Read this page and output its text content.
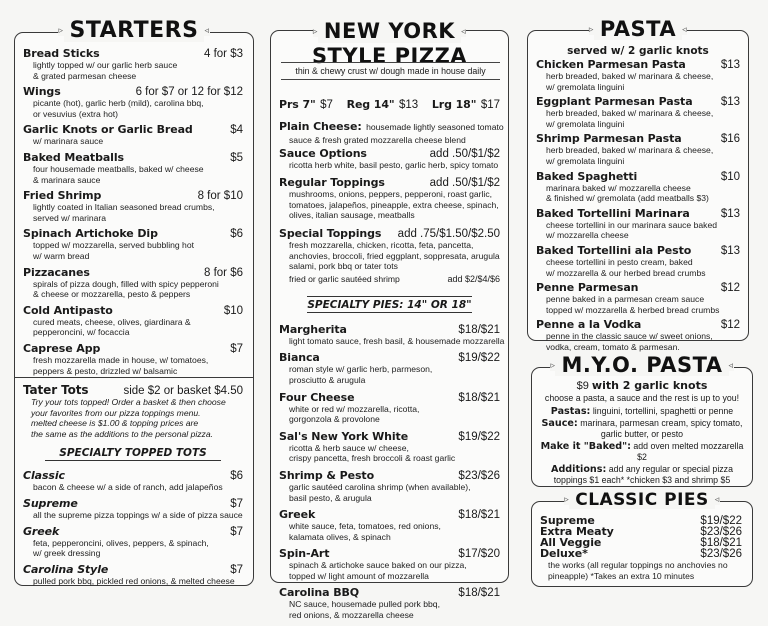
▹ STARTERS ◃
Bread Sticks	4 for $3
lightly topped w/ our garlic herb sauce
& grated parmesan cheese
Wings	6 for $7 or 12 for $12
picante (hot), garlic herb (mild), carolina bbq,
or vesuvius (extra hot)
Garlic Knots or Garlic Bread	$4
w/ marinara sauce
Baked Meatballs	$5
four housemade meatballs, baked w/ cheese
& marinara sauce
Fried Shrimp	8 for $10
lightly coated in Italian seasoned bread crumbs,
served w/ marinara
Spinach Artichoke Dip	$6
topped w/ mozzarella, served bubbling hot
w/ warm bread
Pizzacanes	8 for $6
spirals of pizza dough, filled with spicy pepperoni
& cheese or mozzarella, pesto & peppers
Cold Antipasto	$10
cured meats, cheese, olives, giardinara &
pepperoncini, w/ focaccia
Caprese App	$7
fresh mozzarella made in house, w/ tomatoes,
peppers & pesto, drizzled w/ balsamic
Tater Tots	side $2 or basket $4.50
Try your tots topped! Order a basket & then choose
your favorites from our pizza toppings menu.
melted cheese is $1.00 & topping prices are
the same as the additions to the personal pizza.
SPECIALTY TOPPED TOTS
Classic	$6
bacon & cheese w/ a side of ranch, add jalapeños
Supreme	$7
all the supreme pizza toppings w/ a side of pizza sauce
Greek	$7
feta, pepperoncini, olives, peppers, & spinach,
w/ greek dressing
Carolina Style	$7
pulled pork bbq, pickled red onions, & melted cheese
▹ NEW YORK ◃
STYLE PIZZA
thin & chewy crust w/ dough made in house daily
Prs 7" $7 Reg 14" $13 Lrg 18" $17
Plain Cheese: housemade lightly seasoned tomato
sauce & fresh grated mozzarella cheese blend
Sauce Options	add .50/$1/$2
ricotta herb white, basil pesto, garlic herb, spicy tomato
Regular Toppings	add .50/$1/$2
mushrooms, onions, peppers, pepperoni, roast garlic,
tomatoes, jalapeños, pineapple, extra cheese, spinach,
olives, italian sausage, meatballs
Special Toppings add .75/$1.50/$2.50
fresh mozzarella, chicken, ricotta, feta, pancetta,
anchovies, broccoli, fried eggplant, soppresata, arugula
salami, pork bbq or tater tots
fried or garlic sautéed shrimp	add $2/$4/$6
SPECIALTY PIES: 14" OR 18"
Margherita	$18/$21
light tomato sauce, fresh basil, & housemade mozzarella
Bianca	$19/$22
roman style w/ garlic herb, parmeson,
prosciutto & arugula
Four Cheese	$18/$21
white or red w/ mozzarella, ricotta,
gorgonzola & provolone
Sal's New York White	$19/$22
ricotta & herb sauce w/ cheese,
crispy pancetta, fresh broccoli & roast garlic
Shrimp & Pesto	$23/$26
garlic sautéed carolina shrimp (when available),
basil pesto, & arugula
Greek	$18/$21
white sauce, feta, tomatoes, red onions,
kalamata olives, & spinach
Spin-Art	$17/$20
spinach & artichoke sauce baked on our pizza,
topped w/ light amount of mozzarella
Carolina BBQ	$18/$21
NC sauce, housemade pulled pork bbq,
red onions, & mozzarella cheese
▹ PASTA ◃
served w/ 2 garlic knots
Chicken Parmesan Pasta	$13
herb breaded, baked w/ marinara & cheese,
w/ gremolata linguini
Eggplant Parmesan Pasta $13
herb breaded, baked w/ marinara & cheese,
w/ gremolata linguini
Shrimp Parmesan Pasta	$16
herb breaded, baked w/ marinara & cheese,
w/ gremolata linguini
Baked Spaghetti	$10
marinara baked w/ mozzarella cheese
& finished w/ gremolata (add meatballs $3)
Baked Tortellini Marinara	$13
cheese tortellini in our marinara sauce baked
w/ mozzarella cheese
Baked Tortellini ala Pesto	$13
cheese tortellini in pesto cream, baked
w/ mozzarella & our herbed bread crumbs
Penne Parmesan	$12
penne baked in a parmesan cream sauce
topped w/ mozzarella & herbed bread crumbs
Penne a la Vodka	$12
penne in the classic sauce w/ sweet onions,
vodka, cream, tomato & parmesan.
▹ M.Y.O. PASTA ◃
$9 with 2 garlic knots
choose a pasta, a sauce and the rest is up to you!
Pastas: linguini, tortellini, spaghetti or penne
Sauce: marinara, parmesan cream, spicy tomato,
garlic butter, or pesto
Make it "Baked": add oven melted mozzarella $2
Additions: add any regular or special pizza
toppings $1 each* *chicken $3 and shrimp $5
▹ CLASSIC PIES ◃
Supreme	$19/$22
Extra Meaty	$23/$26
All Veggie	$18/$21
Deluxe*	$23/$26
the works (all regular toppings no anchovies no
pineapple) *Takes an extra 10 minutes
